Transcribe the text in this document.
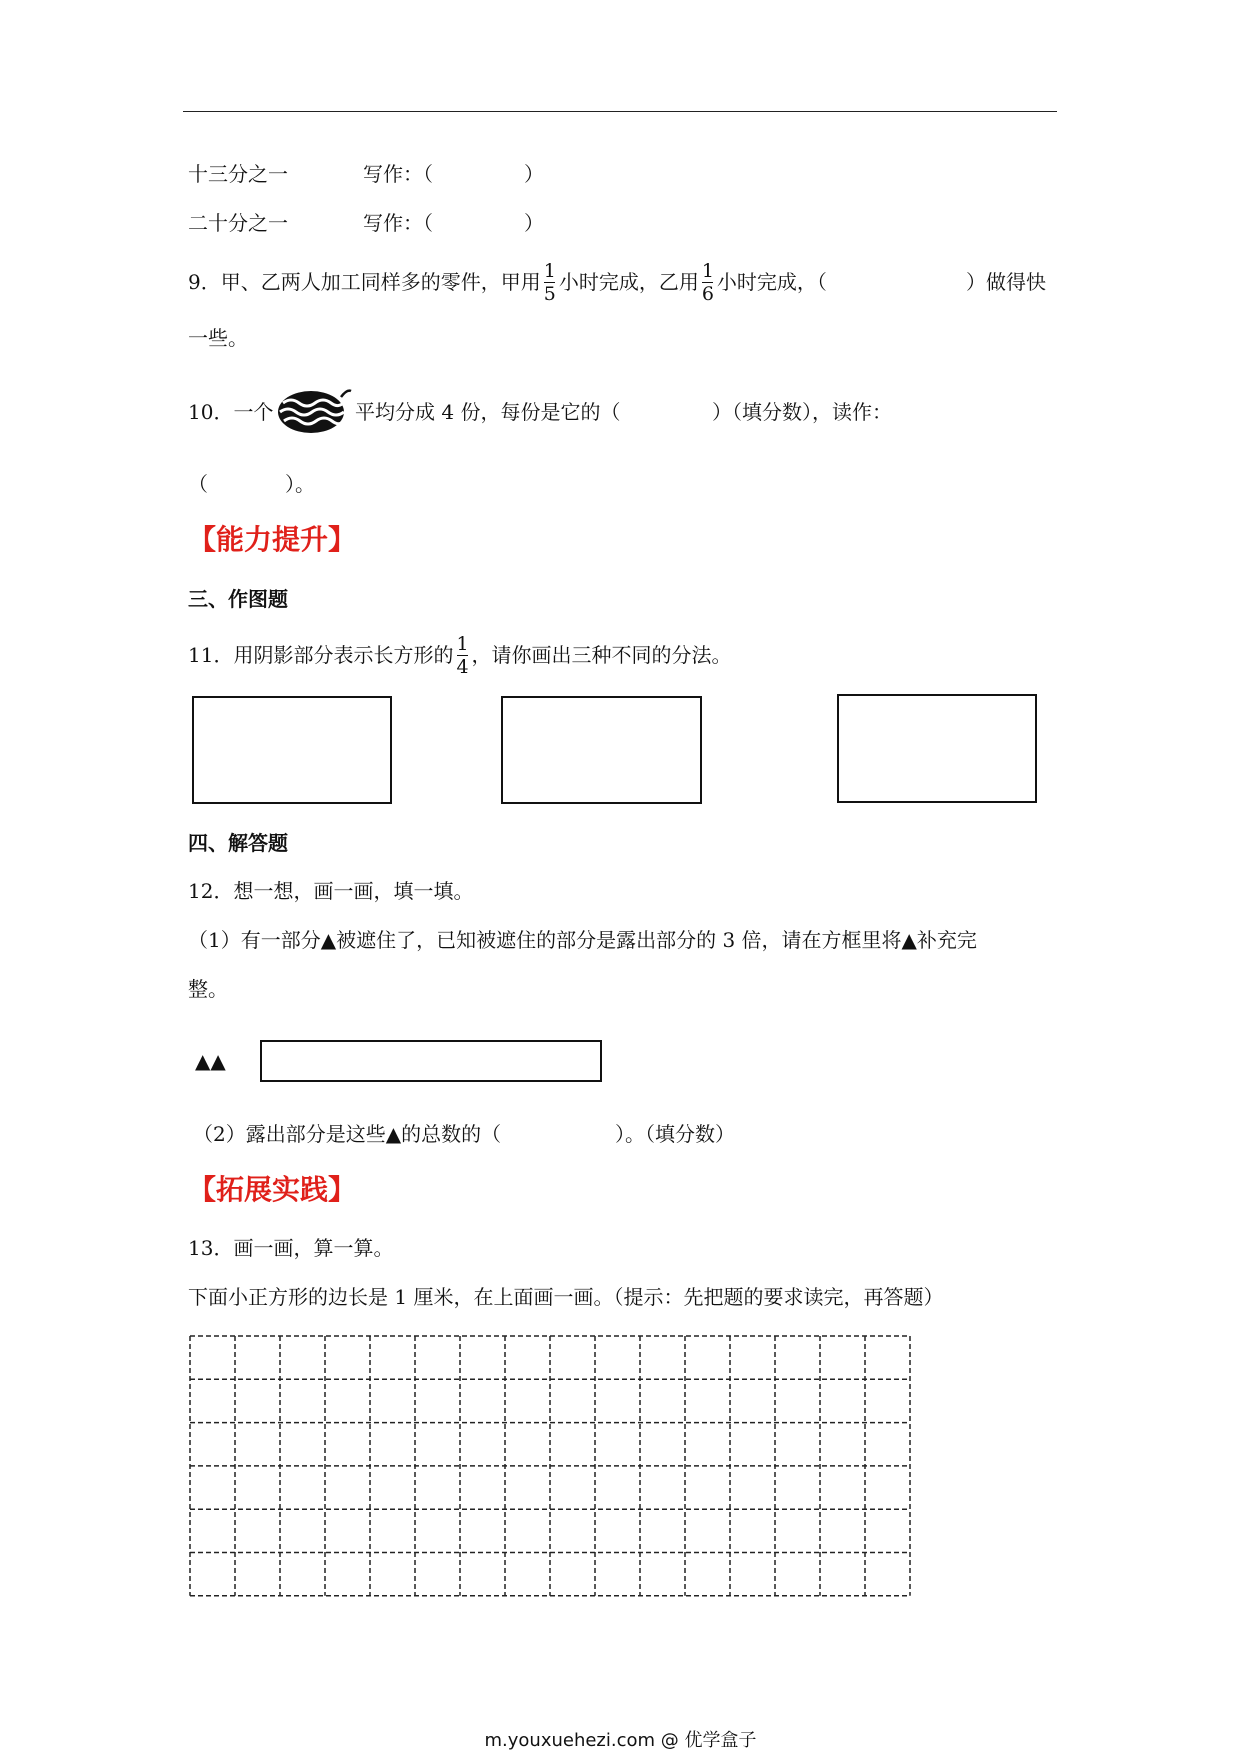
十三分之一	写作：（	）
二十分之一	写作：（	）
9．甲、乙两人加工同样多的零件，甲用 $\frac{1}{5}$ 小时完成，乙用 $\frac{1}{6}$ 小时完成，（	）做得快
一些。
10．一个	平均分成 4 份，每份是它的（	）（填分数），读作：
（	）。
【能力提升】
三、作图题
11．用阴影部分表示长方形的 $\frac{1}{4}$ ，请你画出三种不同的分法。
四、解答题
12．想一想，画一画，填一填。
（1）有一部分▲被遮住了，已知被遮住的部分是露出部分的 3 倍，请在方框里将▲补充完
整。
▲▲
（2）露出部分是这些▲的总数的（	）。（填分数）
【拓展实践】
13．画一画，算一算。
下面小正方形的边长是 1 厘米，在上面画一画。（提示：先把题的要求读完，再答题）
m.youxuehezi.com @ 优学盒子
